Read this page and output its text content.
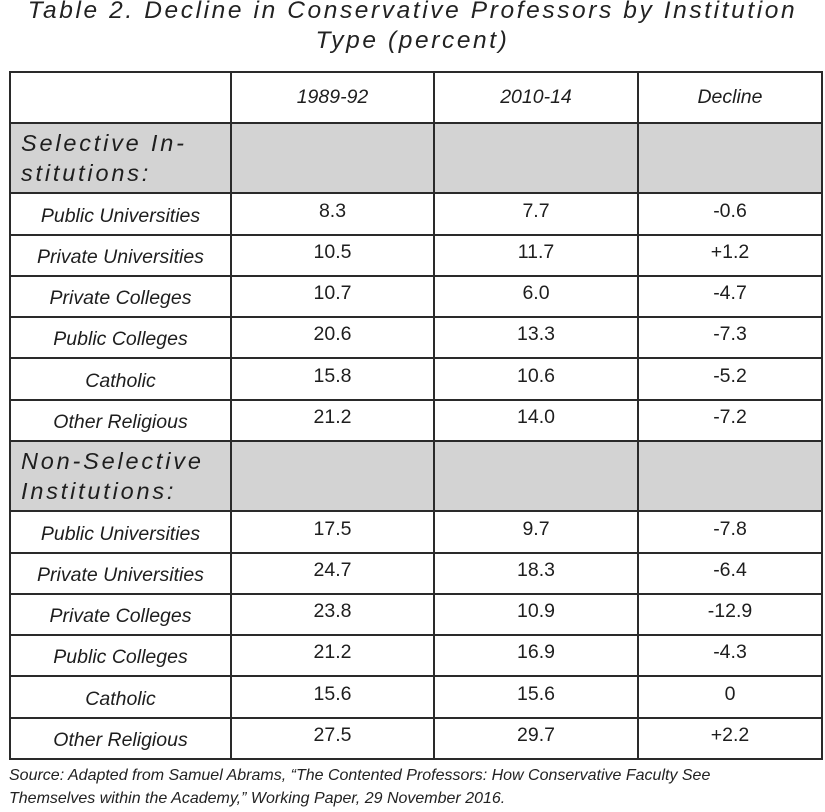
Table 2. Decline in Conservative Professors by Institution
Type (percent)
	1989-92	2010-14	Decline

Selective In-
stitutions:			

Public Universities	8.3	7.7	-0.6
Private Universities	10.5	11.7	+1.2
Private Colleges	10.7	6.0	-4.7
Public Colleges	20.6	13.3	-7.3
Catholic	15.8	10.6	-5.2
Other Religious	21.2	14.0	-7.2

Non-Selective
Institutions:			

Public Universities	17.5	9.7	-7.8
Private Universities	24.7	18.3	-6.4
Private Colleges	23.8	10.9	-12.9
Public Colleges	21.2	16.9	-4.3
Catholic	15.6	15.6	0
Other Religious	27.5	29.7	+2.2
Source: Adapted from Samuel Abrams, “The Contented Professors: How Conservative Faculty See
Themselves within the Academy,” Working Paper, 29 November 2016.
